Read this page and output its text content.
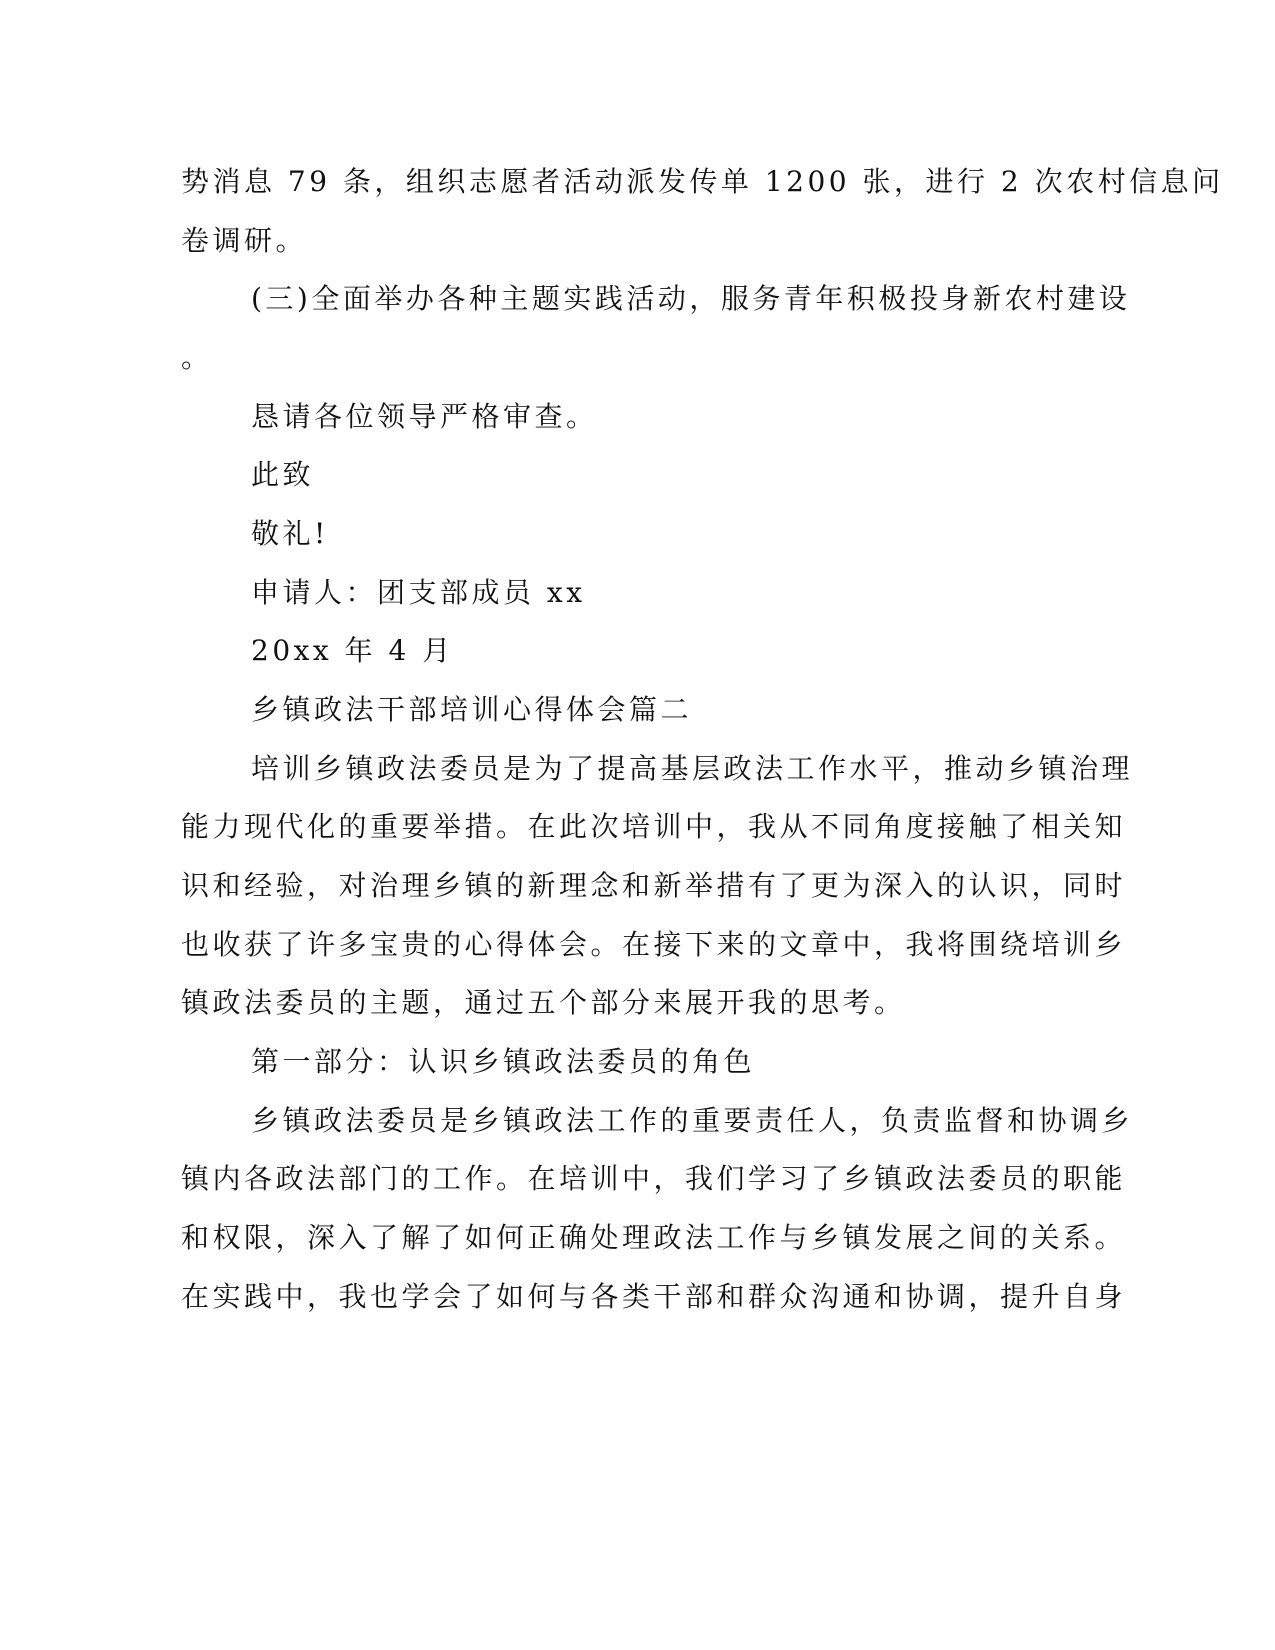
势消息 79 条，组织志愿者活动派发传单 1200 张，进行 2 次农村信息问
卷调研。
(三)全面举办各种主题实践活动，服务青年积极投身新农村建设
。
恳请各位领导严格审查。
此致
敬礼!
申请人：团支部成员 xx
20xx 年 4 月
乡镇政法干部培训心得体会篇二
培训乡镇政法委员是为了提高基层政法工作水平，推动乡镇治理
能力现代化的重要举措。在此次培训中，我从不同角度接触了相关知
识和经验，对治理乡镇的新理念和新举措有了更为深入的认识，同时
也收获了许多宝贵的心得体会。在接下来的文章中，我将围绕培训乡
镇政法委员的主题，通过五个部分来展开我的思考。
第一部分：认识乡镇政法委员的角色
乡镇政法委员是乡镇政法工作的重要责任人，负责监督和协调乡
镇内各政法部门的工作。在培训中，我们学习了乡镇政法委员的职能
和权限，深入了解了如何正确处理政法工作与乡镇发展之间的关系。
在实践中，我也学会了如何与各类干部和群众沟通和协调，提升自身
